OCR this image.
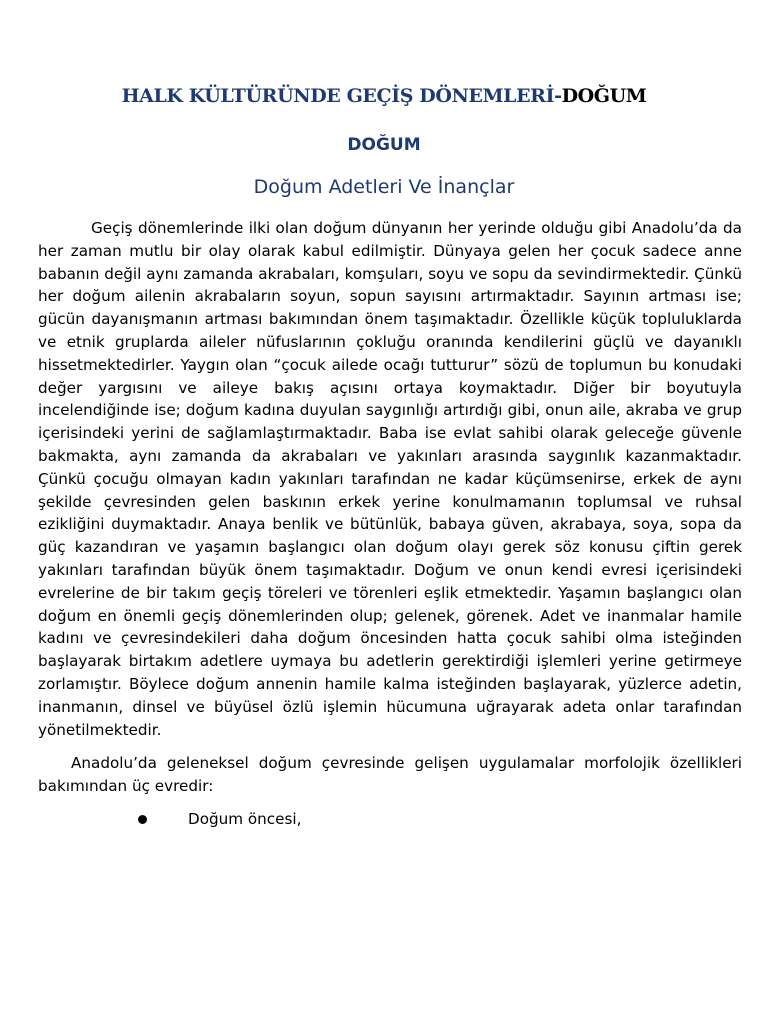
HALK KÜLTÜRÜNDE GEÇİŞ DÖNEMLERİ-DOĞUM
DOĞUM
Doğum Adetleri Ve İnançlar

Geçiş dönemlerinde ilki olan doğum dünyanın her yerinde olduğu gibi Anadolu’da da her zaman mutlu bir olay olarak kabul edilmiştir. Dünyaya gelen her çocuk sadece anne babanın değil aynı zamanda akrabaları, komşuları, soyu ve sopu da sevindirmektedir. Çünkü her doğum ailenin akrabaların soyun, sopun sayısını artırmaktadır. Sayının artması ise; gücün dayanışmanın artması bakımından önem taşımaktadır. Özellikle küçük topluluklarda ve etnik gruplarda aileler nüfuslarının çokluğu oranında kendilerini güçlü ve dayanıklı hissetmektedirler. Yaygın olan “çocuk ailede ocağı tutturur” sözü de toplumun bu konudaki değer yargısını ve aileye bakış açısını ortaya koymaktadır. Diğer bir boyutuyla incelendiğinde ise; doğum kadına duyulan saygınlığı artırdığı gibi, onun aile, akraba ve grup içerisindeki yerini de sağlamlaştırmaktadır. Baba ise evlat sahibi olarak geleceğe güvenle bakmakta, aynı zamanda da akrabaları ve yakınları arasında saygınlık kazanmaktadır. Çünkü çocuğu olmayan kadın yakınları tarafından ne kadar küçümsenirse, erkek de aynı şekilde çevresinden gelen baskının erkek yerine konulmamanın toplumsal ve ruhsal ezikliğini duymaktadır. Anaya benlik ve bütünlük, babaya güven, akrabaya, soya, sopa da güç kazandıran ve yaşamın başlangıcı olan doğum olayı gerek söz konusu çiftin gerek yakınları tarafından büyük önem taşımaktadır. Doğum ve onun kendi evresi içerisindeki evrelerine de bir takım geçiş töreleri ve törenleri eşlik etmektedir. Yaşamın başlangıcı olan doğum en önemli geçiş dönemlerinden olup; gelenek, görenek. Adet ve inanmalar hamile kadını ve çevresindekileri daha doğum öncesinden hatta çocuk sahibi olma isteğinden başlayarak birtakım adetlere uymaya bu adetlerin gerektirdiği işlemleri yerine getirmeye zorlamıştır. Böylece doğum annenin hamile kalma isteğinden başlayarak, yüzlerce adetin, inanmanın, dinsel ve büyüsel özlü işlemin hücumuna uğrayarak adeta onlar tarafından yönetilmektedir.

Anadolu’da geleneksel doğum çevresinde gelişen uygulamalar morfolojik özellikleri bakımından üç evredir:

Doğum öncesi,
